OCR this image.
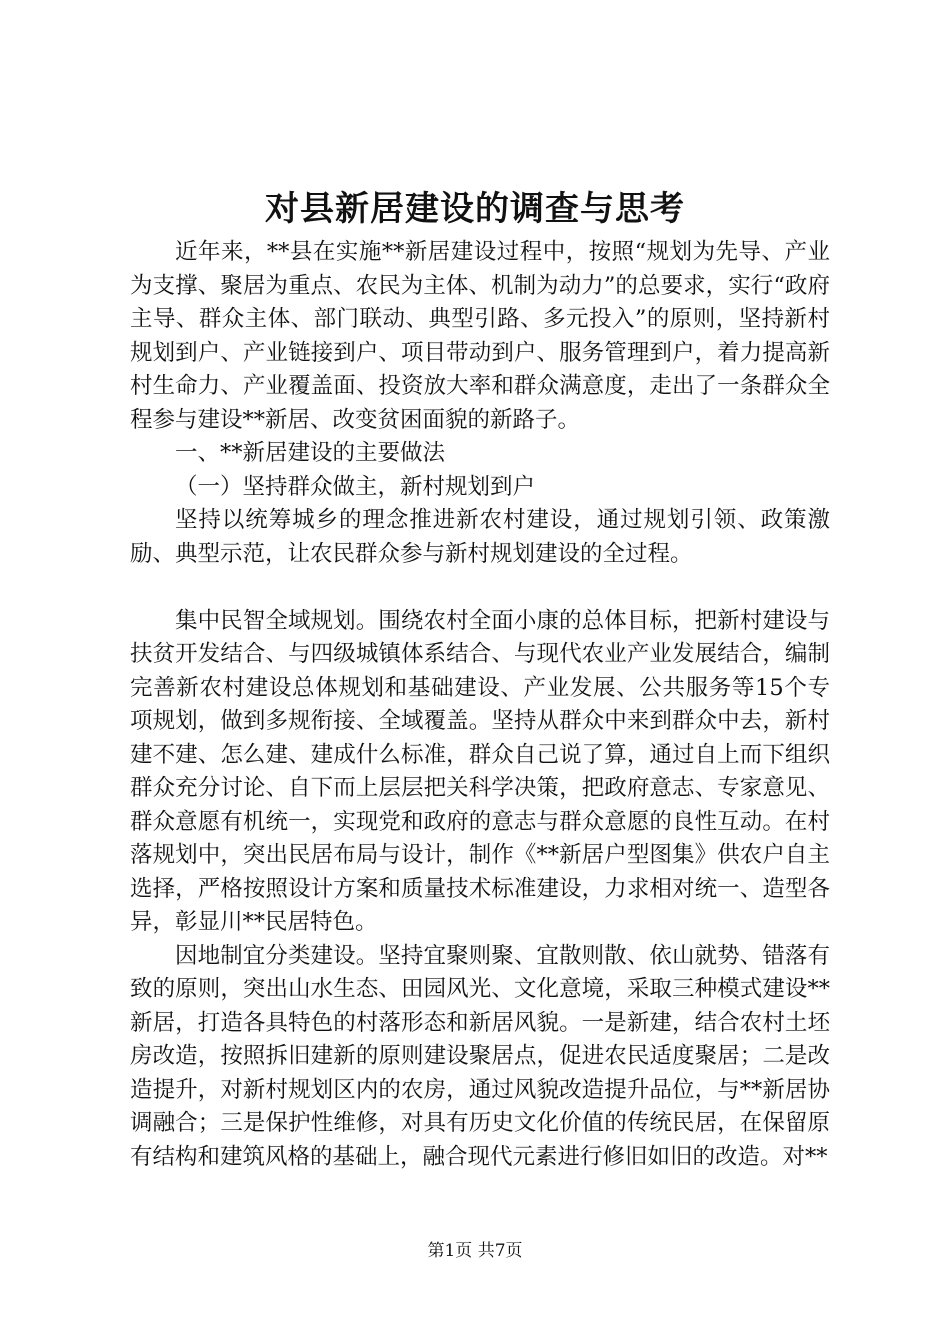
对县新居建设的调查与思考

近年来，**县在实施**新居建设过程中，按照“规划为先导、产业为支撑、聚居为重点、农民为主体、机制为动力”的总要求，实行“政府主导、群众主体、部门联动、典型引路、多元投入”的原则，坚持新村规划到户、产业链接到户、项目带动到户、服务管理到户，着力提高新村生命力、产业覆盖面、投资放大率和群众满意度，走出了一条群众全程参与建设**新居、改变贫困面貌的新路子。

一、**新居建设的主要做法

（一）坚持群众做主，新村规划到户

坚持以统筹城乡的理念推进新农村建设，通过规划引领、政策激励、典型示范，让农民群众参与新村规划建设的全过程。

集中民智全域规划。围绕农村全面小康的总体目标，把新村建设与扶贫开发结合、与四级城镇体系结合、与现代农业产业发展结合，编制完善新农村建设总体规划和基础建设、产业发展、公共服务等15个专项规划，做到多规衔接、全域覆盖。坚持从群众中来到群众中去，新村建不建、怎么建、建成什么标准，群众自己说了算，通过自上而下组织群众充分讨论、自下而上层层把关科学决策，把政府意志、专家意见、群众意愿有机统一，实现党和政府的意志与群众意愿的良性互动。在村落规划中，突出民居布局与设计，制作《**新居户型图集》供农户自主选择，严格按照设计方案和质量技术标准建设，力求相对统一、造型各异，彰显川**民居特色。

因地制宜分类建设。坚持宜聚则聚、宜散则散、依山就势、错落有致的原则，突出山水生态、田园风光、文化意境，采取三种模式建设**新居，打造各具特色的村落形态和新居风貌。一是新建，结合农村土坯房改造，按照拆旧建新的原则建设聚居点，促进农民适度聚居；二是改造提升，对新村规划区内的农房，通过风貌改造提升品位，与**新居协调融合；三是保护性维修，对具有历史文化价值的传统民居，在保留原有结构和建筑风格的基础上，融合现代元素进行修旧如旧的改造。对**

第1页 共7页
